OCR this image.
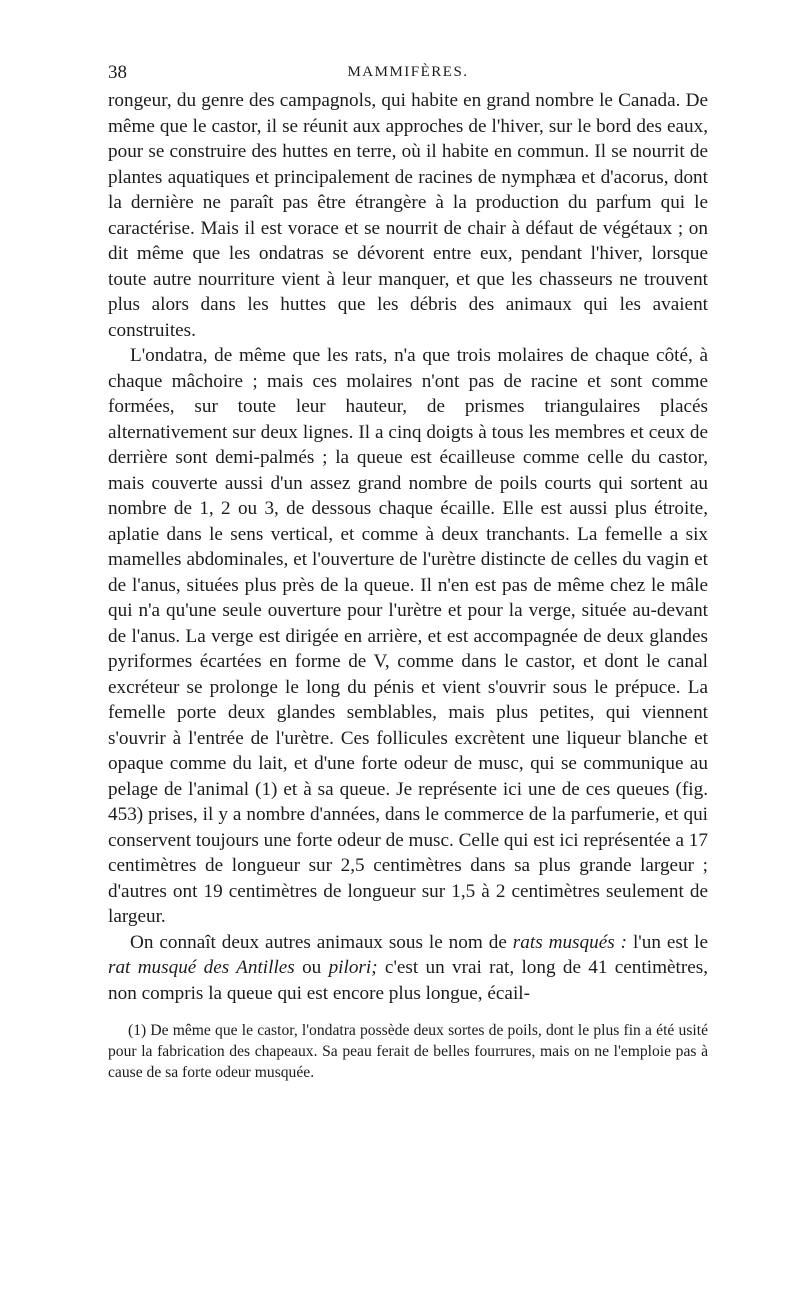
38	MAMMIFÈRES.

rongeur, du genre des campagnols, qui habite en grand nombre le Canada. De même que le castor, il se réunit aux approches de l'hiver, sur le bord des eaux, pour se construire des huttes en terre, où il habite en commun. Il se nourrit de plantes aquatiques et principalement de racines de nymphæa et d'acorus, dont la dernière ne paraît pas être étrangère à la production du parfum qui le caractérise. Mais il est vorace et se nourrit de chair à défaut de végétaux ; on dit même que les ondatras se dévorent entre eux, pendant l'hiver, lorsque toute autre nourriture vient à leur manquer, et que les chasseurs ne trouvent plus alors dans les huttes que les débris des animaux qui les avaient construites.

L'ondatra, de même que les rats, n'a que trois molaires de chaque côté, à chaque mâchoire ; mais ces molaires n'ont pas de racine et sont comme formées, sur toute leur hauteur, de prismes triangulaires placés alternativement sur deux lignes. Il a cinq doigts à tous les membres et ceux de derrière sont demi-palmés ; la queue est écailleuse comme celle du castor, mais couverte aussi d'un assez grand nombre de poils courts qui sortent au nombre de 1, 2 ou 3, de dessous chaque écaille. Elle est aussi plus étroite, aplatie dans le sens vertical, et comme à deux tranchants. La femelle a six mamelles abdominales, et l'ouverture de l'urètre distincte de celles du vagin et de l'anus, situées plus près de la queue. Il n'en est pas de même chez le mâle qui n'a qu'une seule ouverture pour l'urètre et pour la verge, située au-devant de l'anus. La verge est dirigée en arrière, et est accompagnée de deux glandes pyriformes écartées en forme de V, comme dans le castor, et dont le canal excréteur se prolonge le long du pénis et vient s'ouvrir sous le prépuce. La femelle porte deux glandes semblables, mais plus petites, qui viennent s'ouvrir à l'entrée de l'urètre. Ces follicules excrètent une liqueur blanche et opaque comme du lait, et d'une forte odeur de musc, qui se communique au pelage de l'animal (1) et à sa queue. Je représente ici une de ces queues (fig. 453) prises, il y a nombre d'années, dans le commerce de la parfumerie, et qui conservent toujours une forte odeur de musc. Celle qui est ici représentée a 17 centimètres de longueur sur 2,5 centimètres dans sa plus grande largeur ; d'autres ont 19 centimètres de longueur sur 1,5 à 2 centimètres seulement de largeur.

On connaît deux autres animaux sous le nom de rats musqués : l'un est le rat musqué des Antilles ou pilori; c'est un vrai rat, long de 41 centimètres, non compris la queue qui est encore plus longue, écail-

(1) De même que le castor, l'ondatra possède deux sortes de poils, dont le plus fin a été usité pour la fabrication des chapeaux. Sa peau ferait de belles fourrures, mais on ne l'emploie pas à cause de sa forte odeur musquée.
